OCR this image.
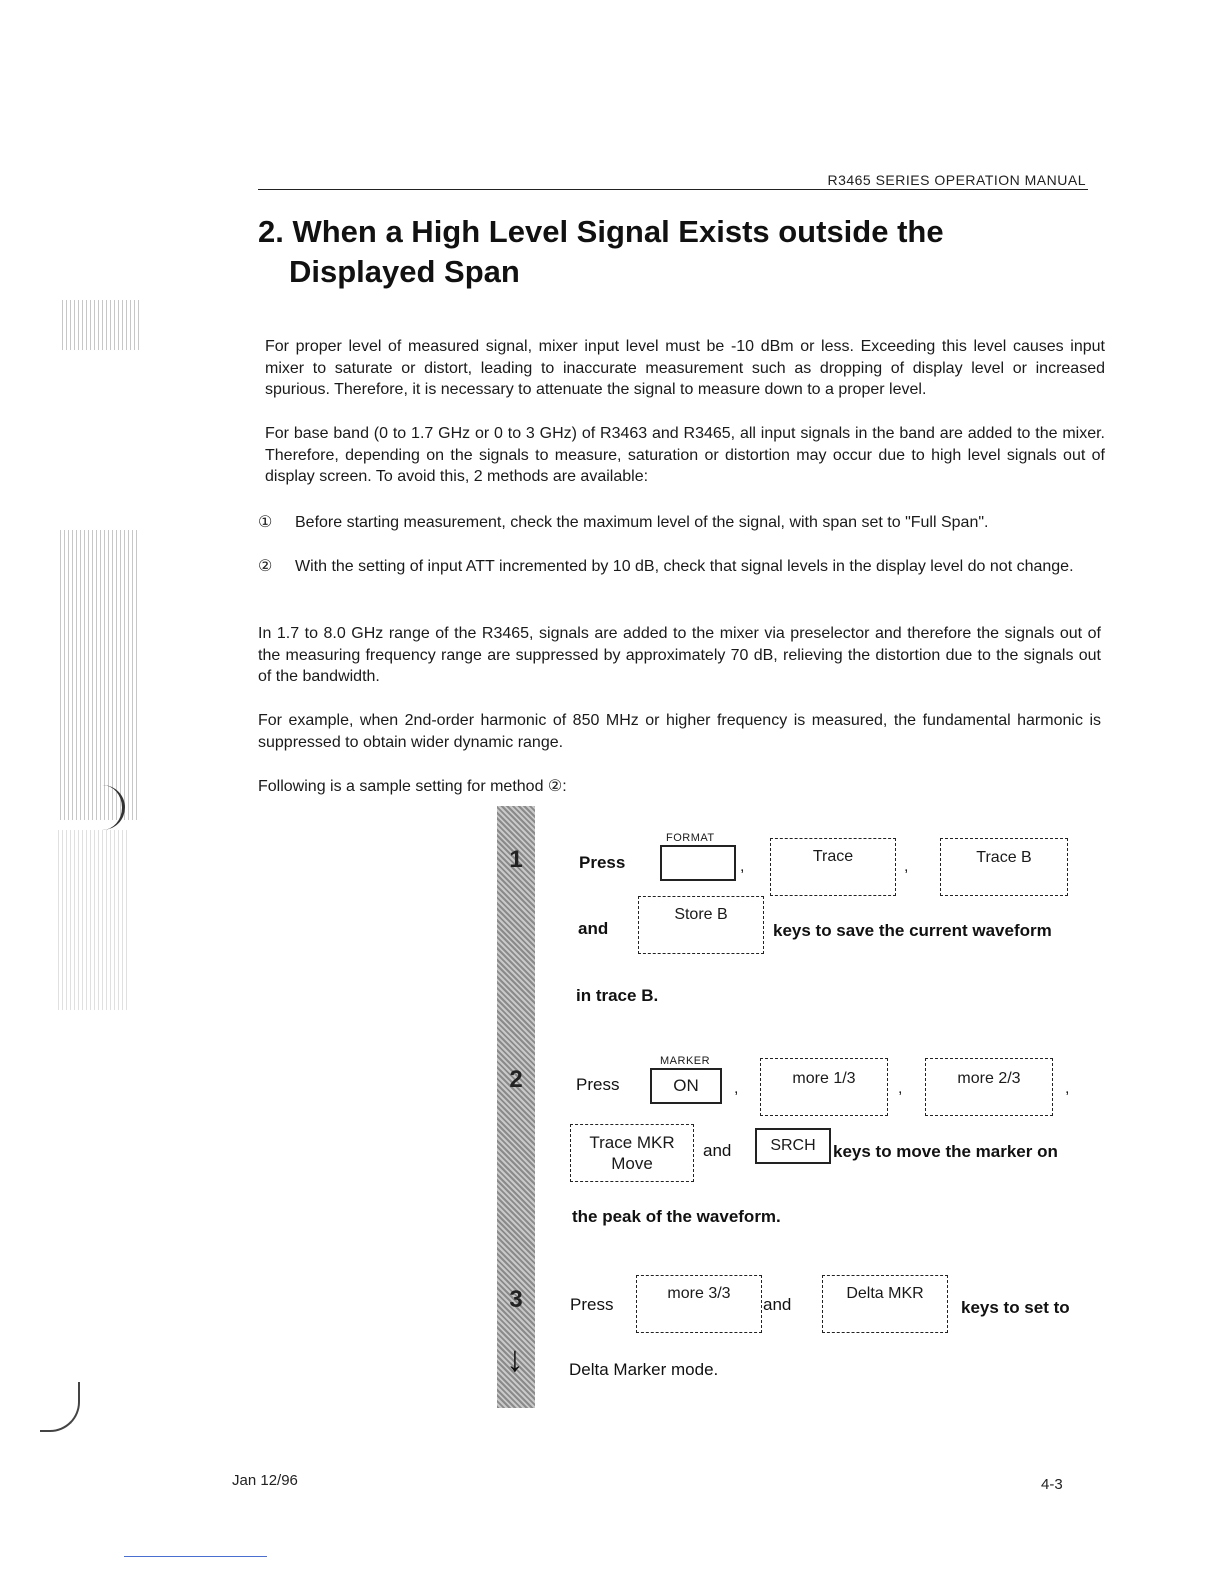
R3465 SERIES OPERATION MANUAL
2. When a High Level Signal Exists outside the
Displayed Span

For proper level of measured signal, mixer input level must be -10 dBm or less. Exceeding this level causes input mixer to saturate or distort, leading to inaccurate measurement such as dropping of display level or increased spurious. Therefore, it is necessary to attenuate the signal to measure down to a proper level.

For base band (0 to 1.7 GHz or 0 to 3 GHz) of R3463 and R3465, all input signals in the band are added to the mixer. Therefore, depending on the signals to measure, saturation or distortion may occur due to high level signals out of display screen. To avoid this, 2 methods are available:

①	Before starting measurement, check the maximum level of the signal, with span set to "Full Span".
②	With the setting of input ATT incremented by 10 dB, check that signal levels in the display level do not change.

In 1.7 to 8.0 GHz range of the R3465, signals are added to the mixer via preselector and therefore the signals out of the measuring frequency range are suppressed by approximately 70 dB, relieving the distortion due to the signals out of the bandwidth.

For example, when 2nd-order harmonic of 850 MHz or higher frequency is measured, the fundamental harmonic is suppressed to obtain wider dynamic range.

Following is a sample setting for method ②:
1
2
3
↓
Press
FORMAT
,
Trace
,
Trace B
and
Store B
keys to save the current waveform
in trace B.
Press
MARKER
ON	,
more 1/3
,
more 2/3
,
Trace MKR
Move
and	SRCH	keys to move the marker on
the peak of the waveform.
Press
more 3/3
and
Delta MKR
keys to set to
Delta Marker mode.
Jan 12/96	4-3
